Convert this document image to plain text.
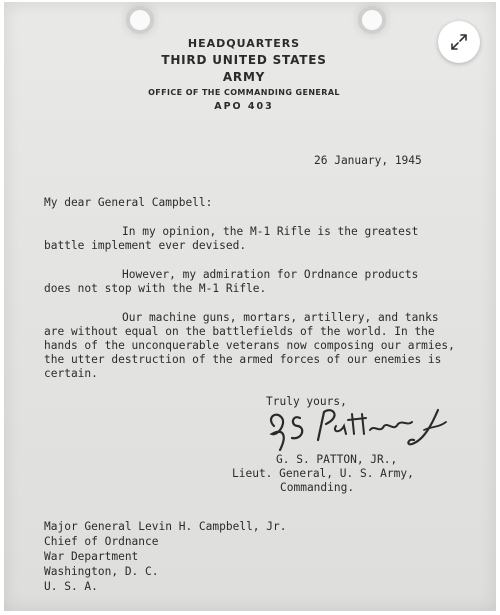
HEADQUARTERS
THIRD UNITED STATES ARMY
OFFICE OF THE COMMANDING GENERAL
APO 403
26 January, 1945
My dear General Campbell:
In my opinion, the M-1 Rifle is the greatest
battle implement ever devised.
However, my admiration for Ordnance products
does not stop with the M-1 Rifle.
Our machine guns, mortars, artillery, and tanks
are without equal on the battlefields of the world. In the
hands of the unconquerable veterans now composing our armies,
the utter destruction of the armed forces of our enemies is
certain.
Truly yours,
G. S. PATTON, JR.,
Lieut. General, U. S. Army,
Commanding.
Major General Levin H. Campbell, Jr.
Chief of Ordnance
War Department
Washington, D. C.
U. S. A.
